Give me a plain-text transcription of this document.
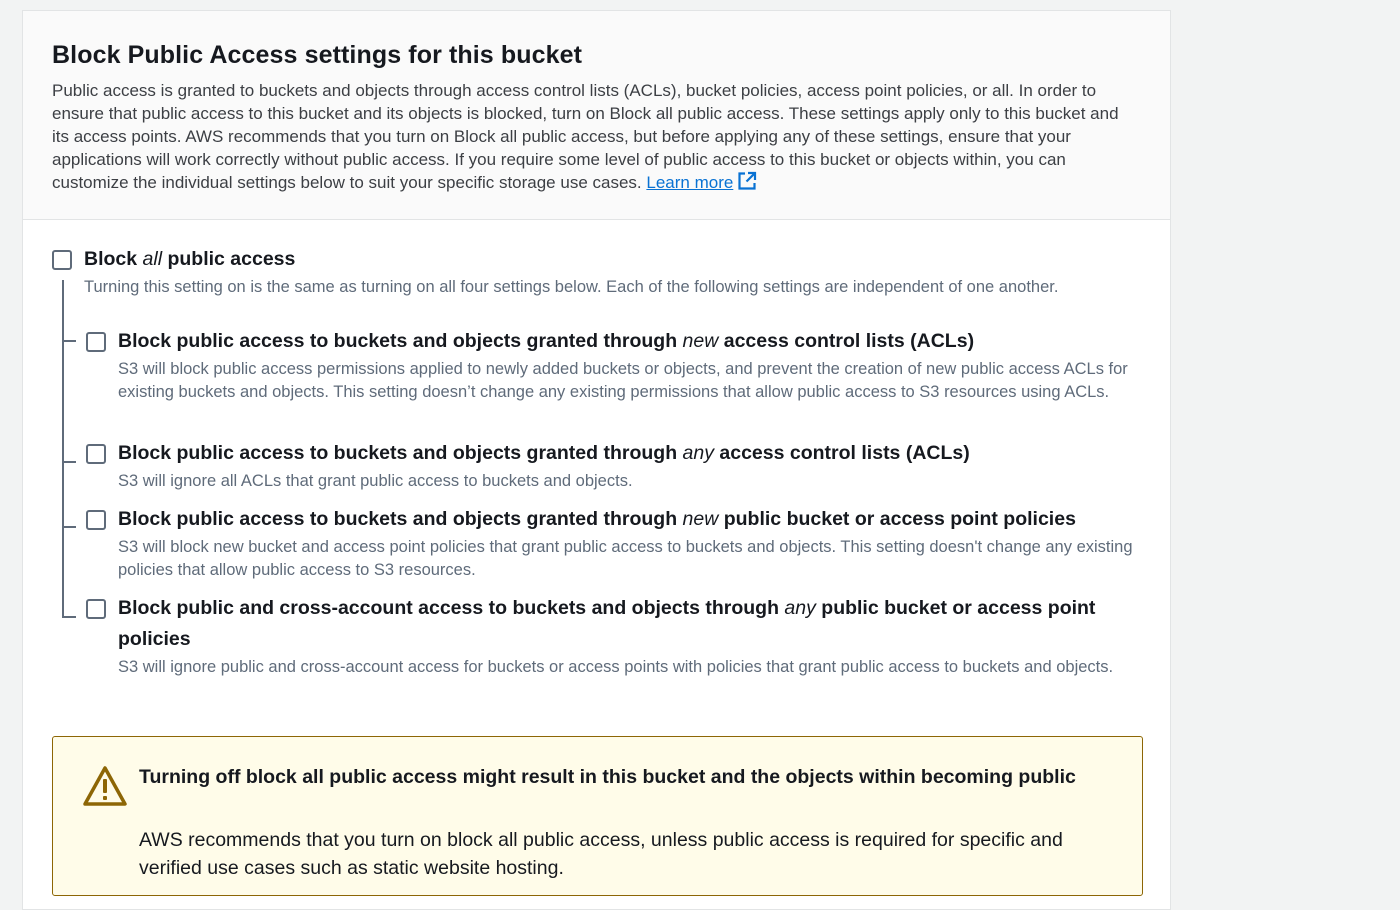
Block Public Access settings for this bucket

Public access is granted to buckets and objects through access control lists (ACLs), bucket policies, access point policies, or all. In order to ensure that public access to this bucket and its objects is blocked, turn on Block all public access. These settings apply only to this bucket and its access points. AWS recommends that you turn on Block all public access, but before applying any of these settings, ensure that your applications will work correctly without public access. If you require some level of public access to this bucket or objects within, you can customize the individual settings below to suit your specific storage use cases. Learn more

Block all public access

Turning this setting on is the same as turning on all four settings below. Each of the following settings are independent of one another.

Block public access to buckets and objects granted through new access control lists (ACLs)

S3 will block public access permissions applied to newly added buckets or objects, and prevent the creation of new public access ACLs for existing buckets and objects. This setting doesn’t change any existing permissions that allow public access to S3 resources using ACLs.

Block public access to buckets and objects granted through any access control lists (ACLs)

S3 will ignore all ACLs that grant public access to buckets and objects.

Block public access to buckets and objects granted through new public bucket or access point policies

S3 will block new bucket and access point policies that grant public access to buckets and objects. This setting doesn't change any existing policies that allow public access to S3 resources.

Block public and cross-account access to buckets and objects through any public bucket or access point policies

S3 will ignore public and cross-account access for buckets or access points with policies that grant public access to buckets and objects.

Turning off block all public access might result in this bucket and the objects within becoming public

AWS recommends that you turn on block all public access, unless public access is required for specific and verified use cases such as static website hosting.
